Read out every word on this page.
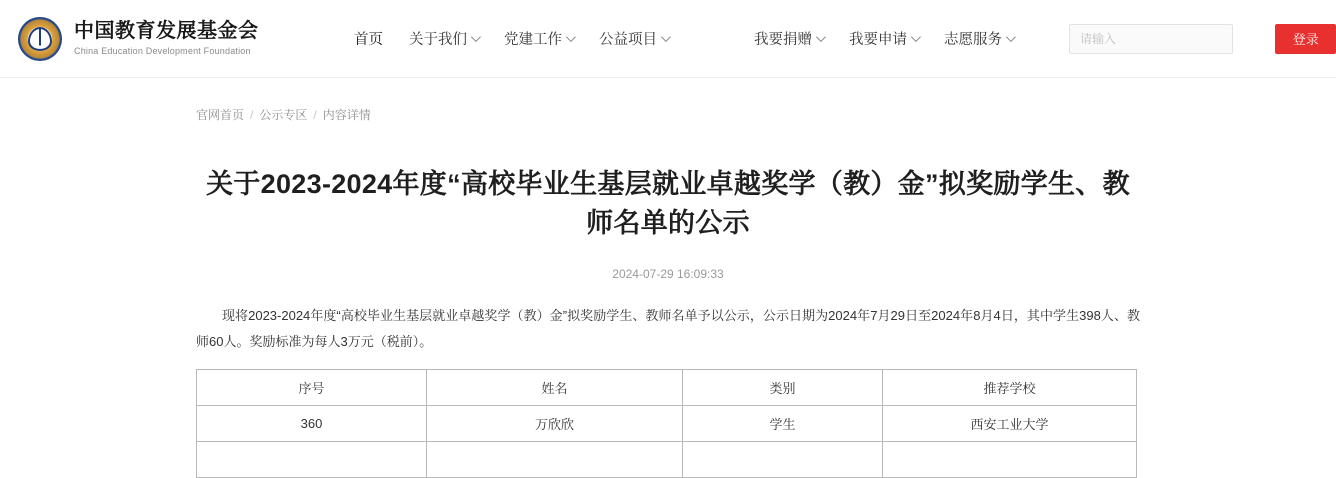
中国教育发展基金会
China Education Development Foundation
首页 关于我们	党建工作	公益项目	我要捐赠	我要申请	志愿服务
请输入	登录
官网首页 / 公示专区 / 内容详情
关于2023-2024年度“高校毕业生基层就业卓越奖学（教）金”拟奖励学生、教师名单的公示
2024-07-29 16:09:33

现将2023-2024年度“高校毕业生基层就业卓越奖学（教）金”拟奖励学生、教师名单予以公示，公示日期为2024年7月29日至2024年8月4日，其中学生398人、教师60人。奖励标准为每人3万元（税前）。

序号	姓名	类别	推荐学校
360	万欣欣	学生	西安工业大学
